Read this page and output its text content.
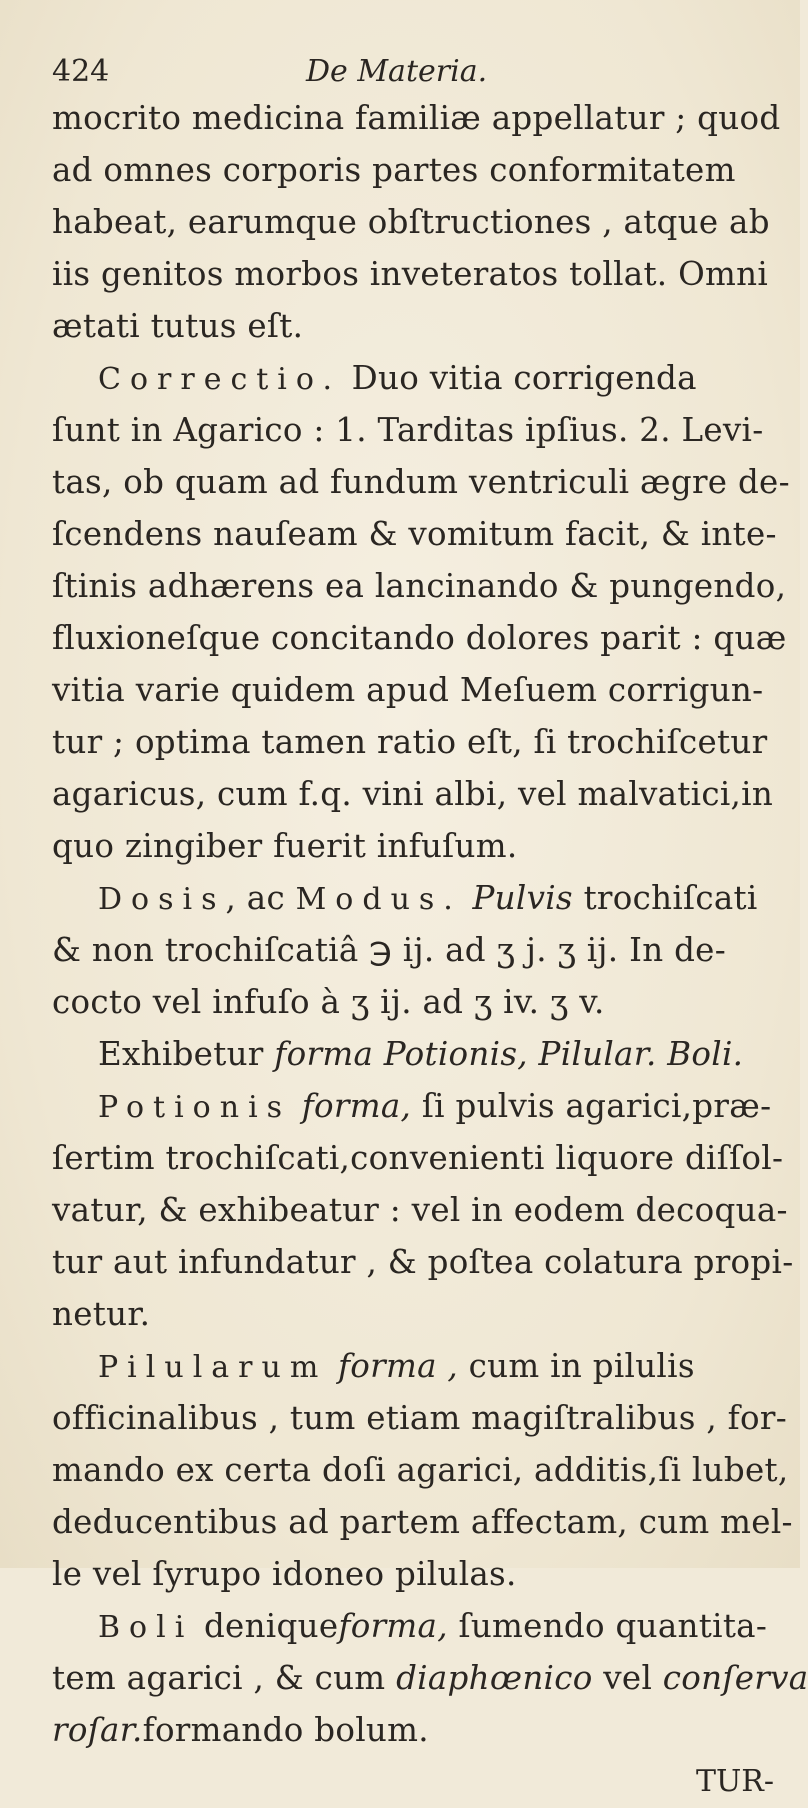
424	De Materia.
mocrito medicina familiæ appellatur ; quod
ad omnes corporis partes conformitatem
habeat, earumque obſtructiones , atque ab
iis genitos morbos inveteratos tollat. Omni
ætati tutus eſt.
Correctio. Duo vitia corrigenda
ſunt in Agarico : 1. Tarditas ipſius. 2. Levi-
tas, ob quam ad fundum ventriculi ægre de-
ſcendens nauſeam & vomitum facit, & inte-
ſtinis adhærens ea lancinando & pungendo,
fluxioneſque concitando dolores parit : quæ
vitia varie quidem apud Meſuem corrigun-
tur ; optima tamen ratio eſt, ſi trochiſcetur
agaricus, cum f.q. vini albi, vel malvatici,in
quo zingiber fuerit infuſum.
Dosis, ac Modus. Pulvis trochiſcati
& non trochiſcatiâ ℈ ij. ad ʒ j. ʒ ij. In de-
cocto vel infuſo à ʒ ij. ad ʒ iv. ʒ v.
Exhibetur forma Potionis, Pilular. Boli.
Potionis forma, ſi pulvis agarici,præ-
ſertim trochiſcati,convenienti liquore diſſol-
vatur, & exhibeatur : vel in eodem decoqua-
tur aut infundatur , & poſtea colatura propi-
netur.
Pilularum forma , cum in pilulis
officinalibus , tum etiam magiſtralibus , for-
mando ex certa doſi agarici, additis,ſi lubet,
deducentibus ad partem affectam, cum mel-
le vel ſyrupo idoneo pilulas.
Boli deniqueforma, ſumendo quantita-
tem agarici , & cum diaphœnico vel conſerva
roſar.formando bolum.
TUR-
